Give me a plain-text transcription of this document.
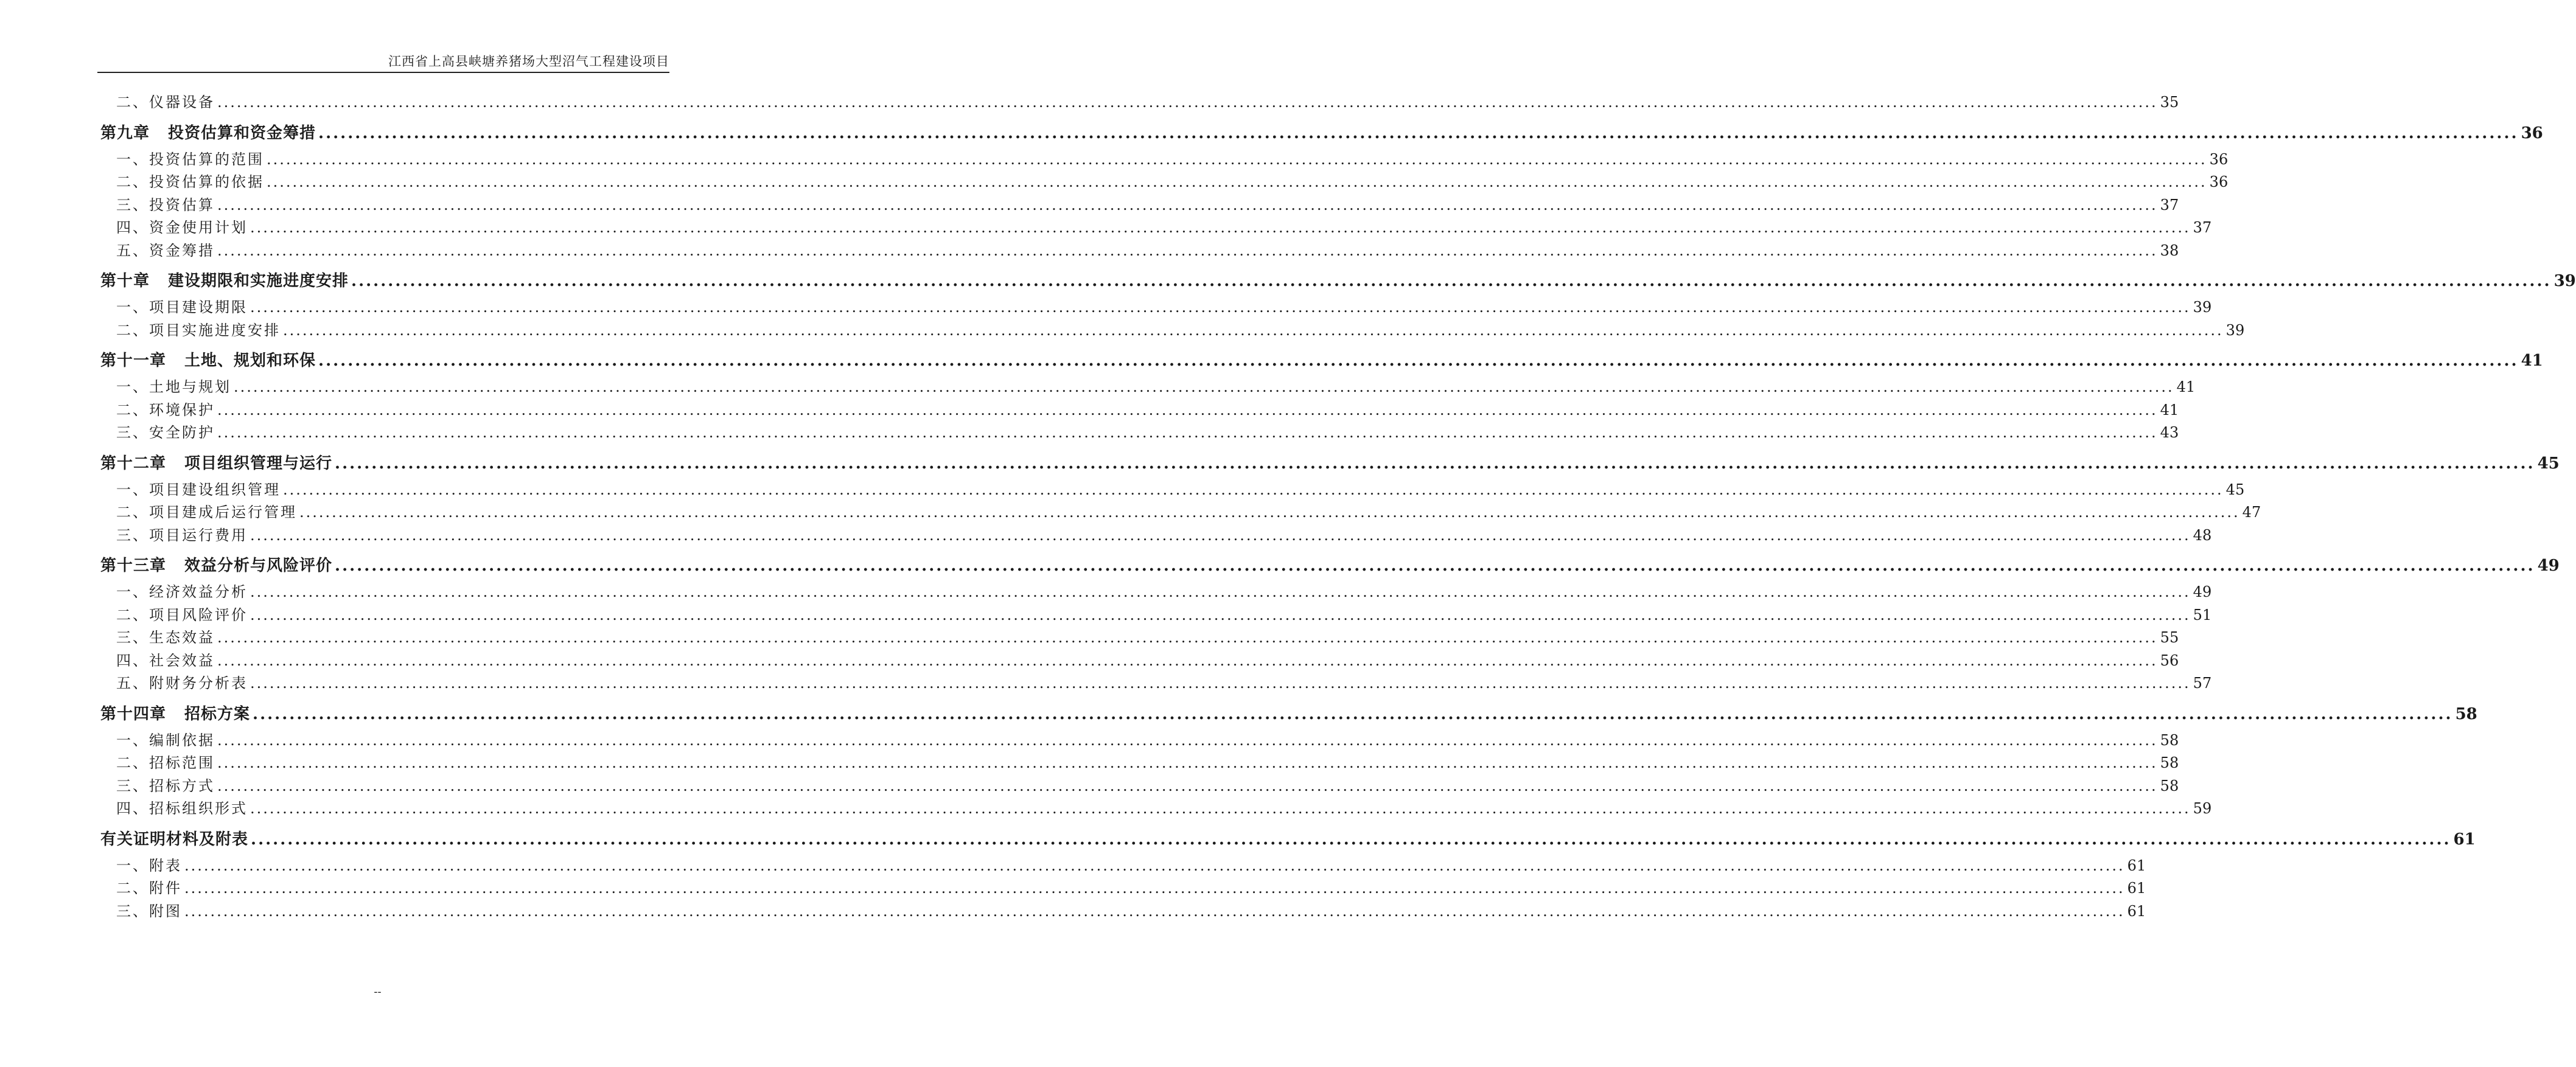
江西省上高县峡塘养猪场大型沼气工程建设项目
二、仪器设备 ............................................................................................................................................................................................................................................................................................................ 35
第九章 投资估算和资金筹措 ............................................................................................................................................................................................................................................................................................................ 36
一、投资估算的范围 ............................................................................................................................................................................................................................................................................................................ 36
二、投资估算的依据 ............................................................................................................................................................................................................................................................................................................ 36
三、投资估算 ............................................................................................................................................................................................................................................................................................................ 37
四、资金使用计划 ............................................................................................................................................................................................................................................................................................................ 37
五、资金筹措 ............................................................................................................................................................................................................................................................................................................ 38
第十章 建设期限和实施进度安排 ............................................................................................................................................................................................................................................................................................................ 39
一、项目建设期限 ............................................................................................................................................................................................................................................................................................................ 39
二、项目实施进度安排 ............................................................................................................................................................................................................................................................................................................ 39
第十一章 土地、规划和环保 ............................................................................................................................................................................................................................................................................................................ 41
一、土地与规划 ............................................................................................................................................................................................................................................................................................................ 41
二、环境保护 ............................................................................................................................................................................................................................................................................................................ 41
三、安全防护 ............................................................................................................................................................................................................................................................................................................ 43
第十二章 项目组织管理与运行 ............................................................................................................................................................................................................................................................................................................ 45
一、项目建设组织管理 ............................................................................................................................................................................................................................................................................................................ 45
二、项目建成后运行管理 ............................................................................................................................................................................................................................................................................................................ 47
三、项目运行费用 ............................................................................................................................................................................................................................................................................................................ 48
第十三章 效益分析与风险评价 ............................................................................................................................................................................................................................................................................................................ 49
一、经济效益分析 ............................................................................................................................................................................................................................................................................................................ 49
二、项目风险评价 ............................................................................................................................................................................................................................................................................................................ 51
三、生态效益 ............................................................................................................................................................................................................................................................................................................ 55
四、社会效益 ............................................................................................................................................................................................................................................................................................................ 56
五、附财务分析表 ............................................................................................................................................................................................................................................................................................................ 57
第十四章 招标方案 ............................................................................................................................................................................................................................................................................................................ 58
一、编制依据 ............................................................................................................................................................................................................................................................................................................ 58
二、招标范围 ............................................................................................................................................................................................................................................................................................................ 58
三、招标方式 ............................................................................................................................................................................................................................................................................................................ 58
四、招标组织形式 ............................................................................................................................................................................................................................................................................................................ 59
有关证明材料及附表 ............................................................................................................................................................................................................................................................................................................ 61
一、附表 ............................................................................................................................................................................................................................................................................................................ 61
二、附件 ............................................................................................................................................................................................................................................................................................................ 61
三、附图 ............................................................................................................................................................................................................................................................................................................ 61
--
